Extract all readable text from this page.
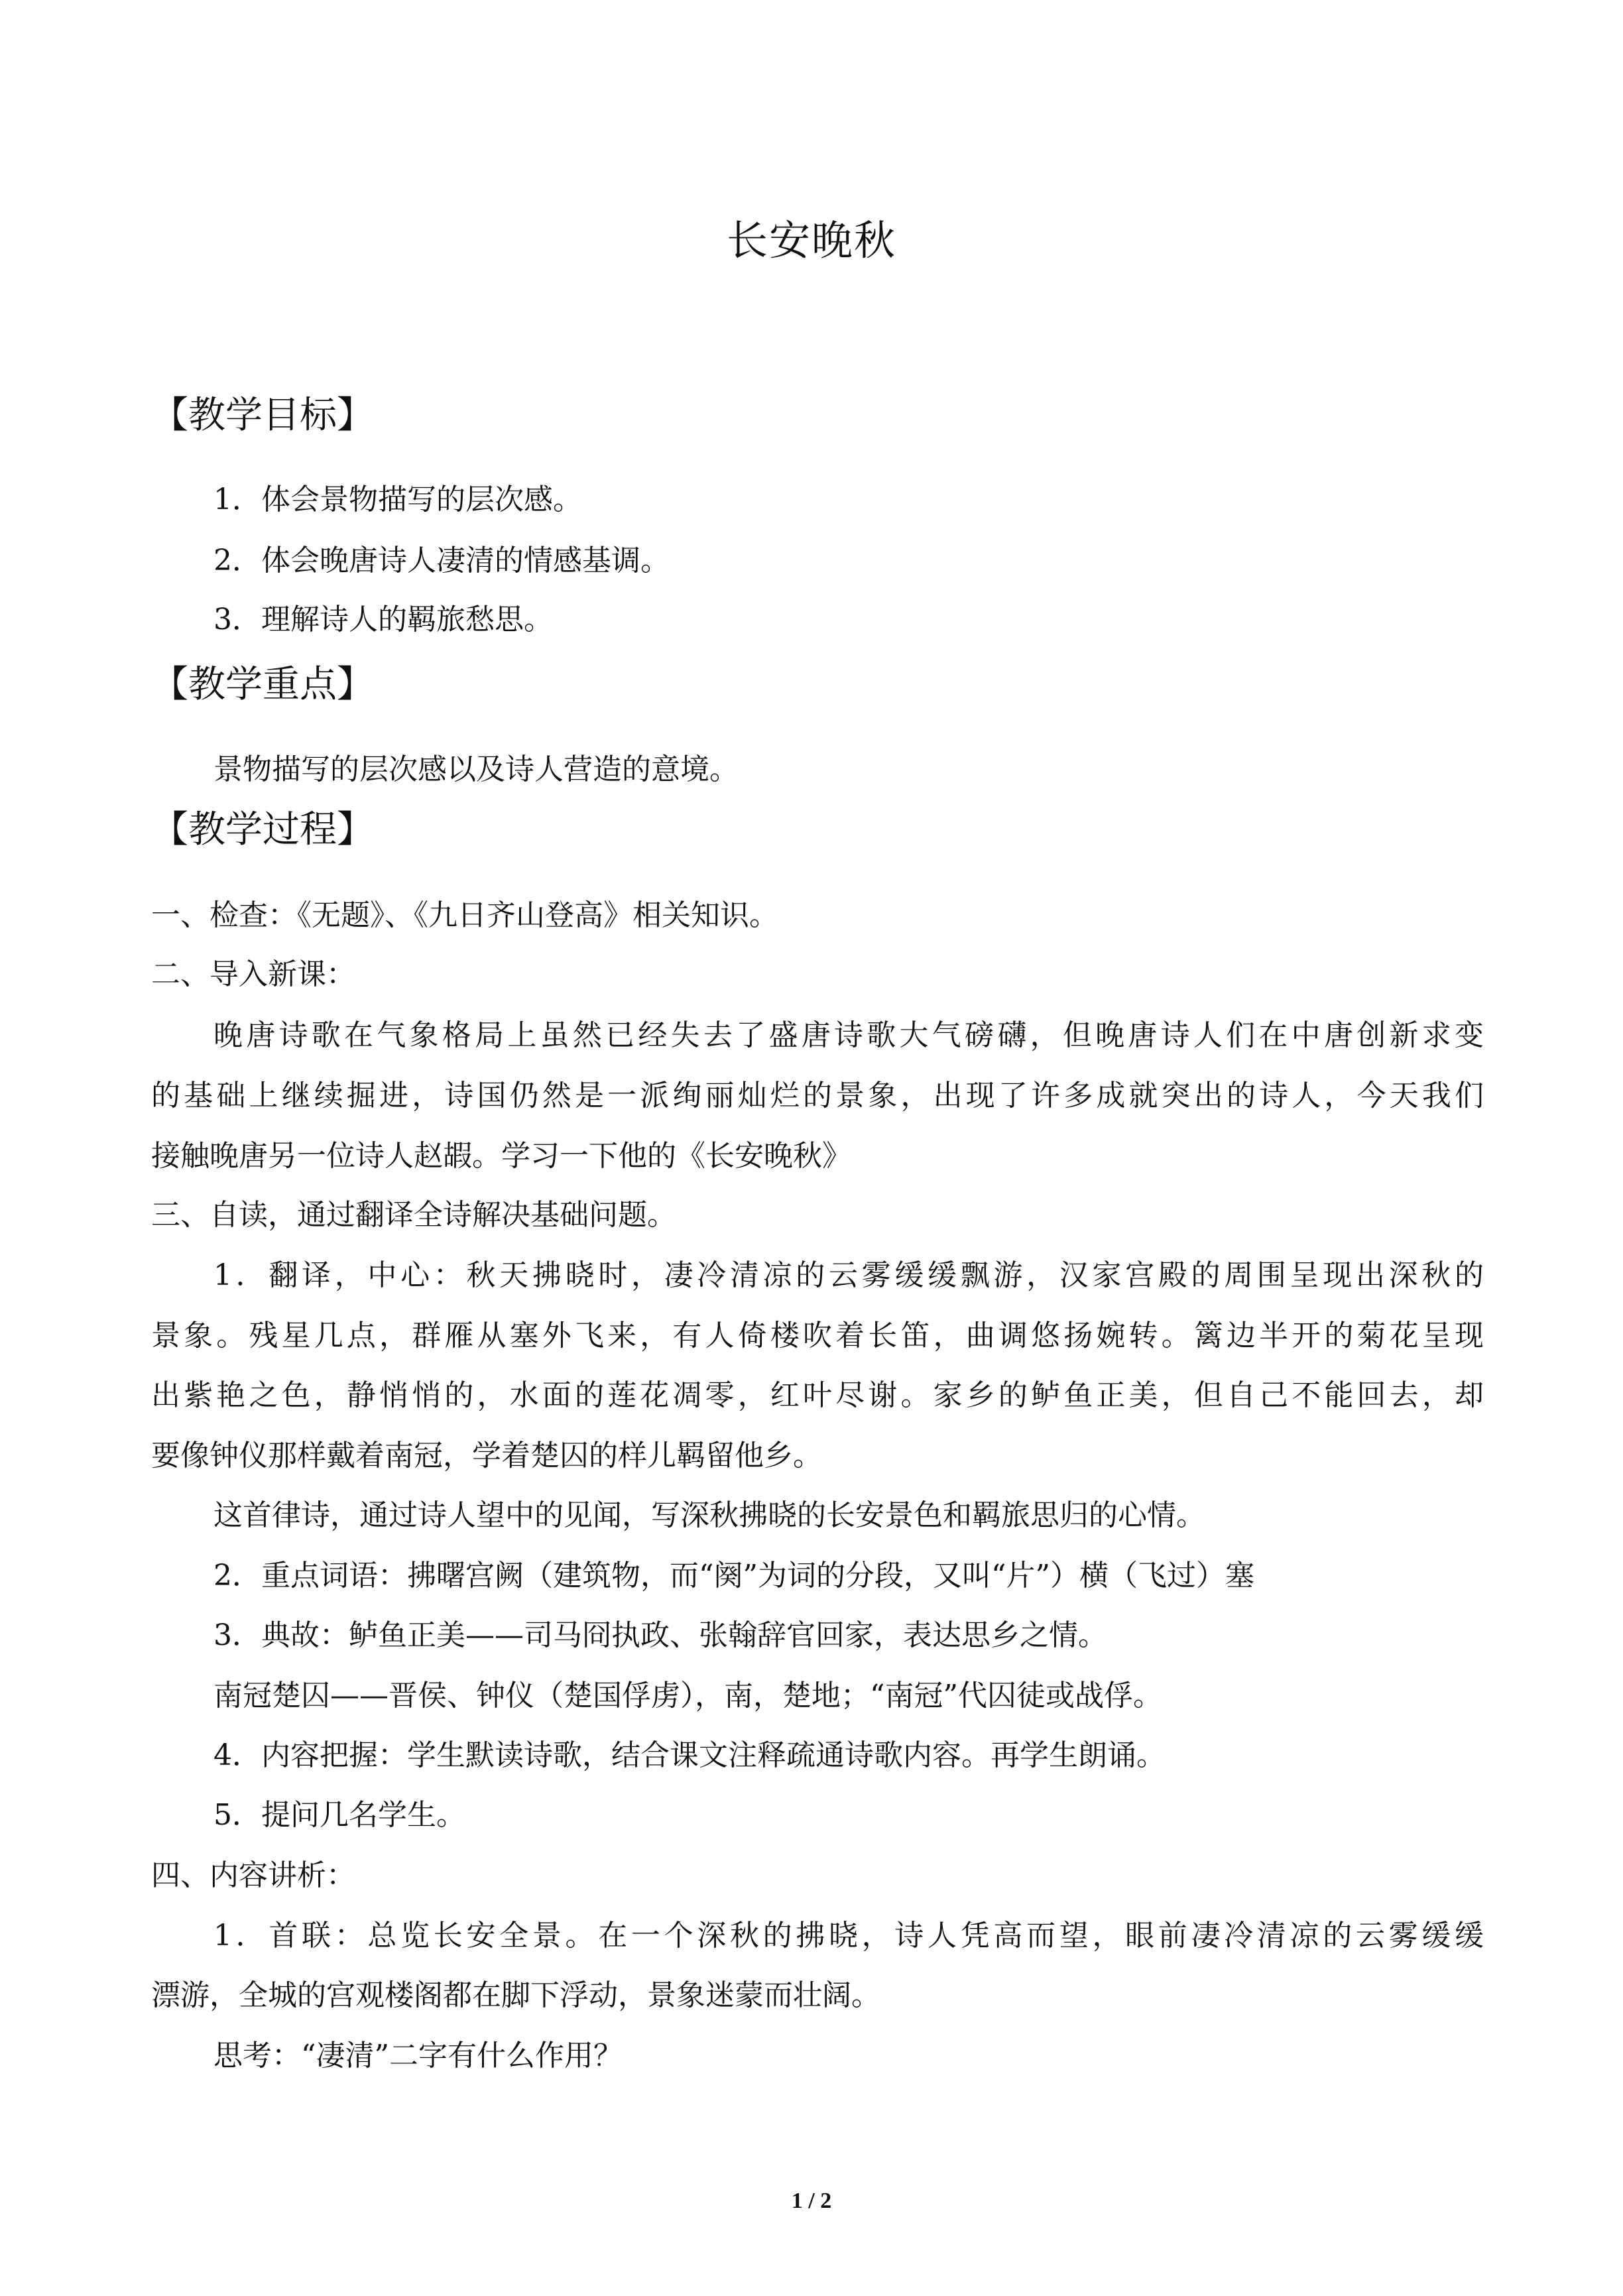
长安晚秋
【教学目标】
1．体会景物描写的层次感。
2．体会晚唐诗人凄清的情感基调。
3．理解诗人的羁旅愁思。
【教学重点】
景物描写的层次感以及诗人营造的意境。
【教学过程】
一、检查：《无题》、《九日齐山登高》相关知识。
二、导入新课：
晚唐诗歌在气象格局上虽然已经失去了盛唐诗歌大气磅礴，但晚唐诗人们在中唐创新求变
的基础上继续掘进，诗国仍然是一派绚丽灿烂的景象，出现了许多成就突出的诗人，今天我们
接触晚唐另一位诗人赵嘏。学习一下他的《长安晚秋》
三、自读，通过翻译全诗解决基础问题。
1．翻译，中心：秋天拂晓时，凄冷清凉的云雾缓缓飘游，汉家宫殿的周围呈现出深秋的
景象。残星几点，群雁从塞外飞来，有人倚楼吹着长笛，曲调悠扬婉转。篱边半开的菊花呈现
出紫艳之色，静悄悄的，水面的莲花凋零，红叶尽谢。家乡的鲈鱼正美，但自己不能回去，却
要像钟仪那样戴着南冠，学着楚囚的样儿羁留他乡。
这首律诗，通过诗人望中的见闻，写深秋拂晓的长安景色和羁旅思归的心情。
2．重点词语：拂曙宫阙（建筑物，而“阕”为词的分段，又叫“片”）横（飞过）塞
3．典故：鲈鱼正美——司马冏执政、张翰辞官回家，表达思乡之情。
南冠楚囚——晋侯、钟仪（楚国俘虏），南，楚地；“南冠”代囚徒或战俘。
4．内容把握：学生默读诗歌，结合课文注释疏通诗歌内容。再学生朗诵。
5．提问几名学生。
四、内容讲析：
1．首联：总览长安全景。在一个深秋的拂晓，诗人凭高而望，眼前凄冷清凉的云雾缓缓
漂游，全城的宫观楼阁都在脚下浮动，景象迷蒙而壮阔。
思考：“凄清”二字有什么作用？
1 / 2
